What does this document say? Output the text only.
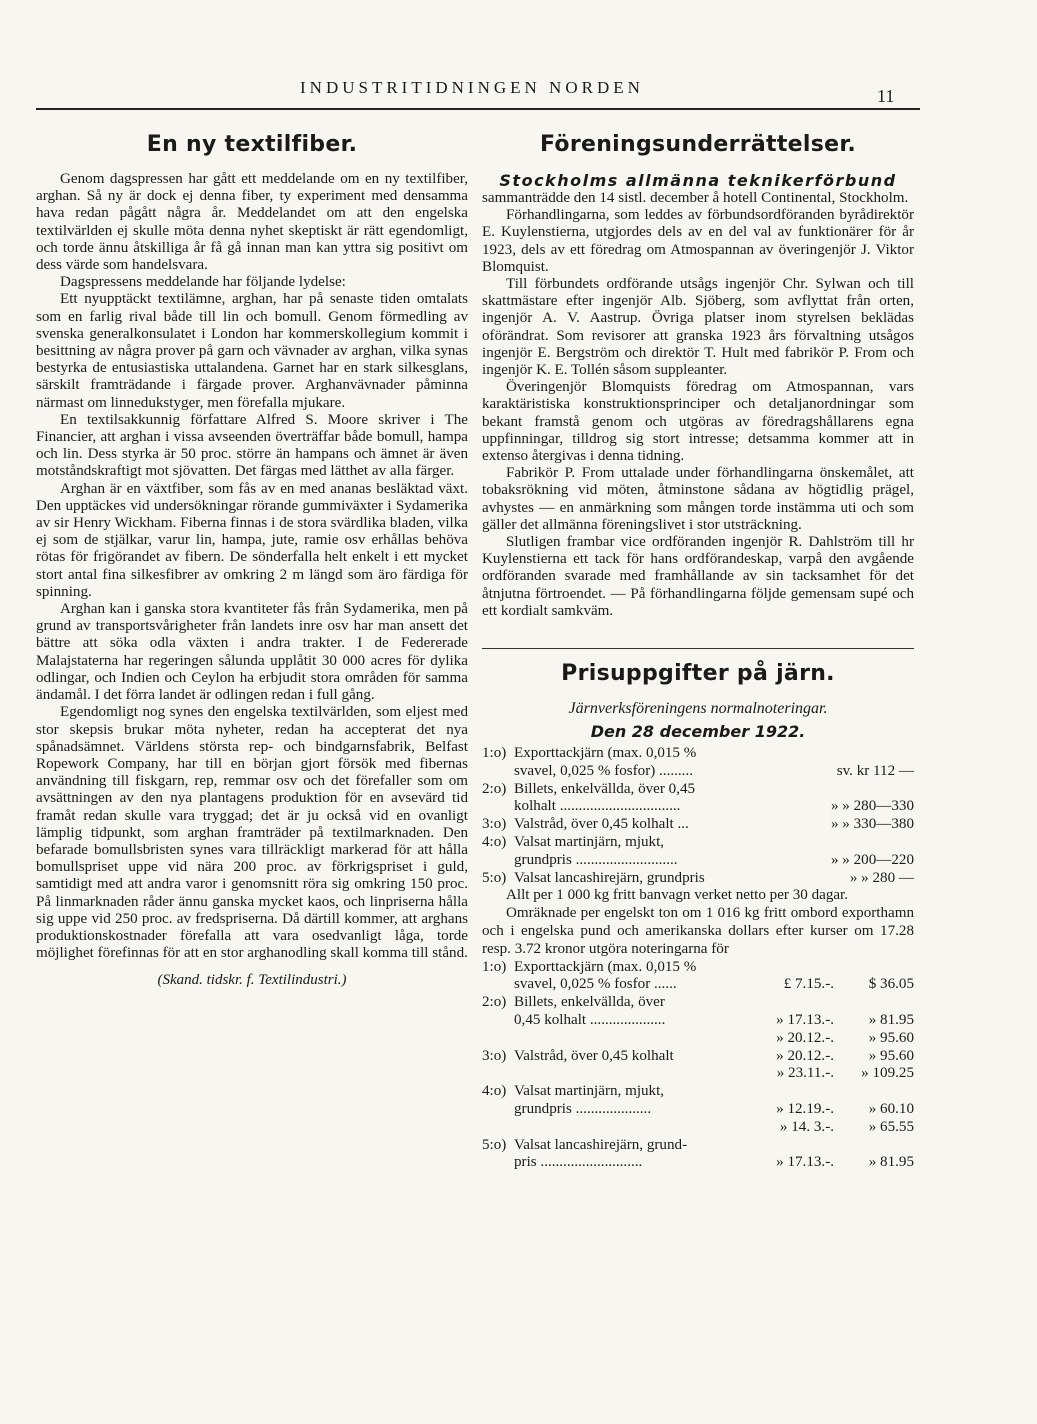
INDUSTRITIDNINGEN NORDEN	11
En ny textilfiber.

Genom dagspressen har gått ett meddelande om en ny textilfiber, arghan. Så ny är dock ej denna fiber, ty experiment med densamma hava redan pågått några år. Meddelandet om att den engelska textilvärlden ej skulle möta denna nyhet skeptiskt är rätt egendomligt, och torde ännu åtskilliga år få gå innan man kan yttra sig positivt om dess värde som handelsvara.

Dagspressens meddelande har följande lydelse:

Ett nyupptäckt textilämne, arghan, har på senaste tiden omtalats som en farlig rival både till lin och bomull. Genom förmedling av svenska generalkonsulatet i London har kommerskollegium kommit i besittning av några prover på garn och vävnader av arghan, vilka synas bestyrka de entusiastiska uttalandena. Garnet har en stark silkesglans, särskilt framträdande i färgade prover. Arghanvävnader påminna närmast om linnedukstyger, men förefalla mjukare.

En textilsakkunnig författare Alfred S. Moore skriver i The Financier, att arghan i vissa avseenden överträffar både bomull, hampa och lin. Dess styrka är 50 proc. större än hampans och ämnet är även motståndskraftigt mot sjövatten. Det färgas med lätthet av alla färger.

Arghan är en växtfiber, som fås av en med ananas besläktad växt. Den upptäckes vid undersökningar rörande gummiväxter i Sydamerika av sir Henry Wickham. Fiberna finnas i de stora svärdlika bladen, vilka ej som de stjälkar, varur lin, hampa, jute, ramie osv erhållas behöva rötas för frigörandet av fibern. De sönderfalla helt enkelt i ett mycket stort antal fina silkesfibrer av omkring 2 m längd som äro färdiga för spinning.

Arghan kan i ganska stora kvantiteter fås från Sydamerika, men på grund av transportsvårigheter från landets inre osv har man ansett det bättre att söka odla växten i andra trakter. I de Federerade Malajstaterna har regeringen sålunda upplåtit 30 000 acres för dylika odlingar, och Indien och Ceylon ha erbjudit stora områden för samma ändamål. I det förra landet är odlingen redan i full gång.

Egendomligt nog synes den engelska textilvärlden, som eljest med stor skepsis brukar möta nyheter, redan ha accepterat det nya spånadsämnet. Världens största rep- och bindgarnsfabrik, Belfast Ropework Company, har till en början gjort försök med fibernas användning till fiskgarn, rep, remmar osv och det förefaller som om avsättningen av den nya plantagens produktion för en avsevärd tid framåt redan skulle vara tryggad; det är ju också vid en ovanligt lämplig tidpunkt, som arghan framträder på textilmarknaden. Den befarade bomullsbristen synes vara tillräckligt markerad för att hålla bomullspriset uppe vid nära 200 proc. av förkrigspriset i guld, samtidigt med att andra varor i genomsnitt röra sig omkring 150 proc. På linmarknaden råder ännu ganska mycket kaos, och linpriserna hålla sig uppe vid 250 proc. av fredspriserna. Då därtill kommer, att arghans produktionskostnader förefalla att vara osedvanligt låga, torde möjlighet förefinnas för att en stor arghanodling skall komma till stånd.

(Skand. tidskr. f. Textilindustri.)
Föreningsunderrättelser.
Stockholms allmänna teknikerförbund

sammanträdde den 14 sistl. december å hotell Continental, Stockholm.

Förhandlingarna, som leddes av förbundsordföranden byrådirektör E. Kuylenstierna, utgjordes dels av en del val av funktionärer för år 1923, dels av ett föredrag om Atmospannan av överingenjör J. Viktor Blomquist.

Till förbundets ordförande utsågs ingenjör Chr. Sylwan och till skattmästare efter ingenjör Alb. Sjöberg, som avflyttat från orten, ingenjör A. V. Aastrup. Övriga platser inom styrelsen beklädas oförändrat. Som revisorer att granska 1923 års förvaltning utsågos ingenjör E. Bergström och direktör T. Hult med fabrikör P. From och ingenjör K. E. Tollén såsom suppleanter.

Överingenjör Blomquists föredrag om Atmospannan, vars karaktäristiska konstruktionsprinciper och detaljanordningar som bekant framstå genom och utgöras av föredragshållarens egna uppfinningar, tilldrog sig stort intresse; detsamma kommer att in extenso återgivas i denna tidning.

Fabrikör P. From uttalade under förhandlingarna önskemålet, att tobaksrökning vid möten, åtminstone sådana av högtidlig prägel, avhystes — en anmärkning som mången torde instämma uti och som gäller det allmänna föreningslivet i stor utsträckning.

Slutligen frambar vice ordföranden ingenjör R. Dahlström till hr Kuylenstierna ett tack för hans ordförandeskap, varpå den avgående ordföranden svarade med framhållande av sin tacksamhet för det åtnjutna förtroendet. — På förhandlingarna följde gemensam supé och ett kordialt samkväm.

Prisuppgifter på järn.
Järnverksföreningens normalnoteringar.
Den 28 december 1922.
1:o) Exporttackjärn (max. 0,015 %
svavel, 0,025 % fosfor) .........	sv. kr 112 —
2:o) Billets, enkelvällda, över 0,45
kolhalt ................................	» » 280—330
3:o) Valstråd, över 0,45 kolhalt ...	» » 330—380
4:o) Valsat martinjärn, mjukt,
grundpris ...........................	» » 200—220
5:o) Valsat lancashirejärn, grundpris	» » 280 —

Allt per 1 000 kg fritt banvagn verket netto per 30 dagar.

Omräknade per engelskt ton om 1 016 kg fritt ombord exporthamn och i engelska pund och amerikanska dollars efter kurser om 17.28 resp. 3.72 kronor utgöra noteringarna för

1:o) Exporttackjärn (max. 0,015 %
svavel, 0,025 % fosfor ......	£ 7.15.-.	$ 36.05
2:o) Billets, enkelvällda, över
0,45 kolhalt ....................	» 17.13.-.	» 81.95
» 20.12.-.	» 95.60
3:o) Valstråd, över 0,45 kolhalt	» 20.12.-.	» 95.60
» 23.11.-.	» 109.25
4:o) Valsat martinjärn, mjukt,
grundpris ....................	» 12.19.-.	» 60.10
» 14. 3.-.	» 65.55
5:o) Valsat lancashirejärn, grund-
pris ...........................	» 17.13.-.	» 81.95
